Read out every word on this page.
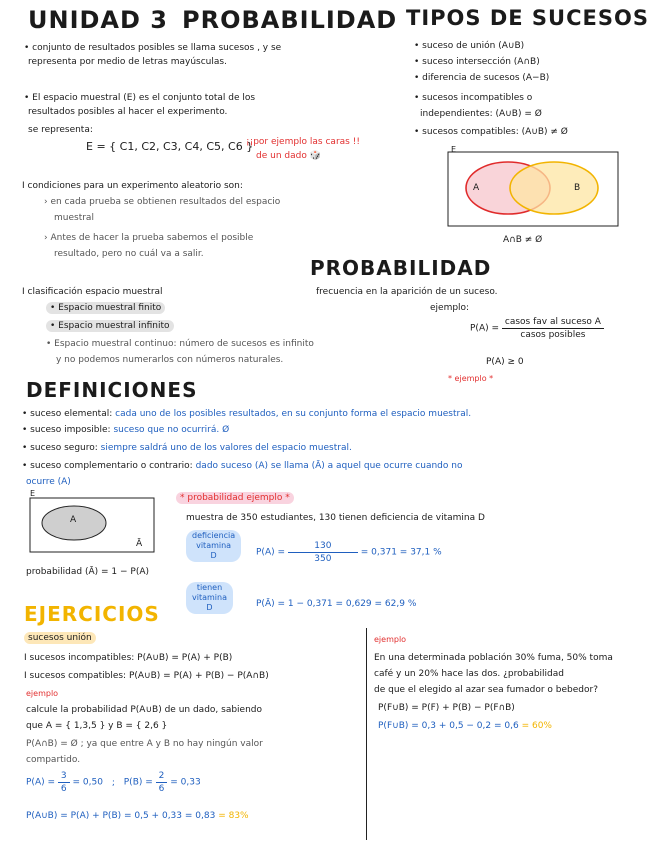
UNIDAD 3 PROBABILIDAD TIPOS DE SUCESOS
• conjunto de resultados posibles se llama sucesos , y se
representa por medio de letras mayúsculas.
• El espacio muestral (E) es el conjunto total de los
resultados posibles al hacer el experimento.
se representa:
E = { C1, C2, C3, C4, C5, C6 }
¡¡por ejemplo las caras !!
de un dado 🎲
• suceso de unión (A∪B)
• suceso intersección (A∩B)
• diferencia de sucesos (A−B)
• sucesos incompatibles o
independientes: (A∪B) = Ø
• sucesos compatibles: (A∪B) ≠ Ø
E
A	B
A∩B ≠ Ø
I condiciones para un experimento aleatorio son:
› en cada prueba se obtienen resultados del espacio
muestral
› Antes de hacer la prueba sabemos el posible
resultado, pero no cuál va a salir.
PROBABILIDAD
frecuencia en la aparición de un suceso.
ejemplo:
$P(A) = \frac{\text{casos fav al suceso A}}{\text{casos posibles}}$
P(A) ≥ 0
* ejemplo *
I clasificación espacio muestral
• Espacio muestral finito
• Espacio muestral infinito
• Espacio muestral continuo: número de sucesos es infinito
y no podemos numerarlos con números naturales.
DEFINICIONES
• suceso elemental: cada uno de los posibles resultados, en su conjunto forma el espacio muestral.
• suceso imposible: suceso que no ocurrirá. Ø
• suceso seguro: siempre saldrá uno de los valores del espacio muestral.
• suceso complementario o contrario: dado suceso (A) se llama (Ā) a aquel que ocurre cuando no
ocurre (A)
E
A
Ā
probabilidad (Ā) = 1 − P(A)
* probabilidad ejemplo *
muestra de 350 estudiantes, 130 tienen deficiencia de vitamina D
deficiencia
vitamina
D	$P(A) = \frac{130}{350} = 0,371 = 37,1$ %
tienen
vitamina
D	P(Ā) = 1 − 0,371 = 0,629 = 62,9 %
EJERCICIOS
sucesos unión
I sucesos incompatibles: P(A∪B) = P(A) + P(B)
I sucesos compatibles: P(A∪B) = P(A) + P(B) − P(A∩B)
ejemplo
calcule la probabilidad P(A∪B) de un dado, sabiendo
que A = { 1,3,5 } y B = { 2,6 }
P(A∩B) = Ø ; ya que entre A y B no hay ningún valor
compartido.
$P(A) = \frac{3}{6} = 0,50$ ; $P(B) = \frac{2}{6} = 0,33$
P(A∪B) = P(A) + P(B) = 0,5 + 0,33 = 0,83 = 83%
ejemplo
En una determinada población 30% fuma, 50% toma
café y un 20% hace las dos. ¿probabilidad
de que el elegido al azar sea fumador o bebedor?
P(F∪B) = P(F) + P(B) − P(F∩B)
P(F∪B) = 0,3 + 0,5 − 0,2 = 0,6 = 60%
